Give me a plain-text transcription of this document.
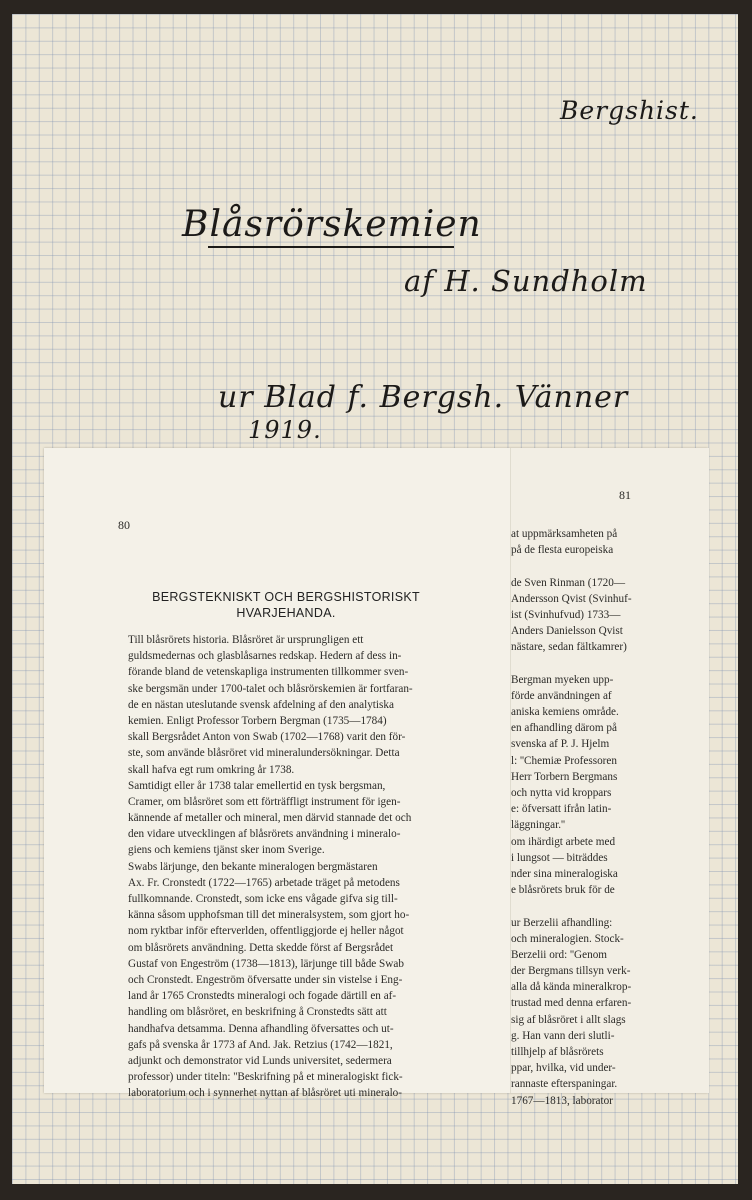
Bergshist.
Blåsrörskemien
af H. Sundholm
ur Blad f. Bergsh. Vänner
1919.
80
BERGSTEKNISKT OCH BERGSHISTORISKT
HVARJEHANDA.
Till blåsrörets historia. Blåsröret är ursprungligen ett
guldsmedernas och glasblåsarnes redskap. Hedern af dess in-
förande bland de vetenskapliga instrumenten tillkommer sven-
ske bergsmän under 1700-talet och blåsrörskemien är fortfaran-
de en nästan uteslutande svensk afdelning af den analytiska
kemien. Enligt Professor Torbern Bergman (1735—1784)
skall Bergsrådet Anton von Swab (1702—1768) varit den för-
ste, som använde blåsröret vid mineralundersökningar. Detta
skall hafva egt rum omkring år 1738.
Samtidigt eller år 1738 talar emellertid en tysk bergsman,
Cramer, om blåsröret som ett förträffligt instrument för igen-
kännende af metaller och mineral, men därvid stannade det och
den vidare utvecklingen af blåsrörets användning i mineralo-
giens och kemiens tjänst sker inom Sverige.
Swabs lärjunge, den bekante mineralogen bergmästaren
Ax. Fr. Cronstedt (1722—1765) arbetade träget på metodens
fullkomnande. Cronstedt, som icke ens vågade gifva sig till-
känna såsom upphofsman till det mineralsystem, som gjort ho-
nom ryktbar inför efterverlden, offentliggjorde ej heller något
om blåsrörets användning. Detta skedde först af Bergsrådet
Gustaf von Engeström (1738—1813), lärjunge till både Swab
och Cronstedt. Engeström öfversatte under sin vistelse i Eng-
land år 1765 Cronstedts mineralogi och fogade därtill en af-
handling om blåsröret, en beskrifning å Cronstedts sätt att
handhafva detsamma. Denna afhandling öfversattes och ut-
gafs på svenska år 1773 af And. Jak. Retzius (1742—1821,
adjunkt och demonstrator vid Lunds universitet, sedermera
professor) under titeln: ''Beskrifning på et mineralogiskt fick-
laboratorium och i synnerhet nyttan af blåsröret uti mineralo-
81
at uppmärksamheten på
på de flesta europeiska
de Sven Rinman (1720—
Andersson Qvist (Svinhuf-
ist (Svinhufvud) 1733—
Anders Danielsson Qvist
nästare, sedan fältkamrer)
Bergman myeken upp-
förde användningen af
aniska kemiens område.
en afhandling därom på
svenska af P. J. Hjelm
l: ''Chemiæ Professoren
Herr Torbern Bergmans
och nytta vid kroppars
e: öfversatt ifrån latin-
läggningar.''
om ihärdigt arbete med
i lungsot — biträddes
nder sina mineralogiska
e blåsrörets bruk för de
ur Berzelii afhandling:
och mineralogien. Stock-
Berzelii ord: ''Genom
der Bergmans tillsyn verk-
alla då kända mineralkrop-
trustad med denna erfaren-
sig af blåsröret i allt slags
g. Han vann deri slutli-
tillhjelp af blåsrörets
ppar, hvilka, vid under-
rannaste efterspaningar.
1767—1813, laborator
